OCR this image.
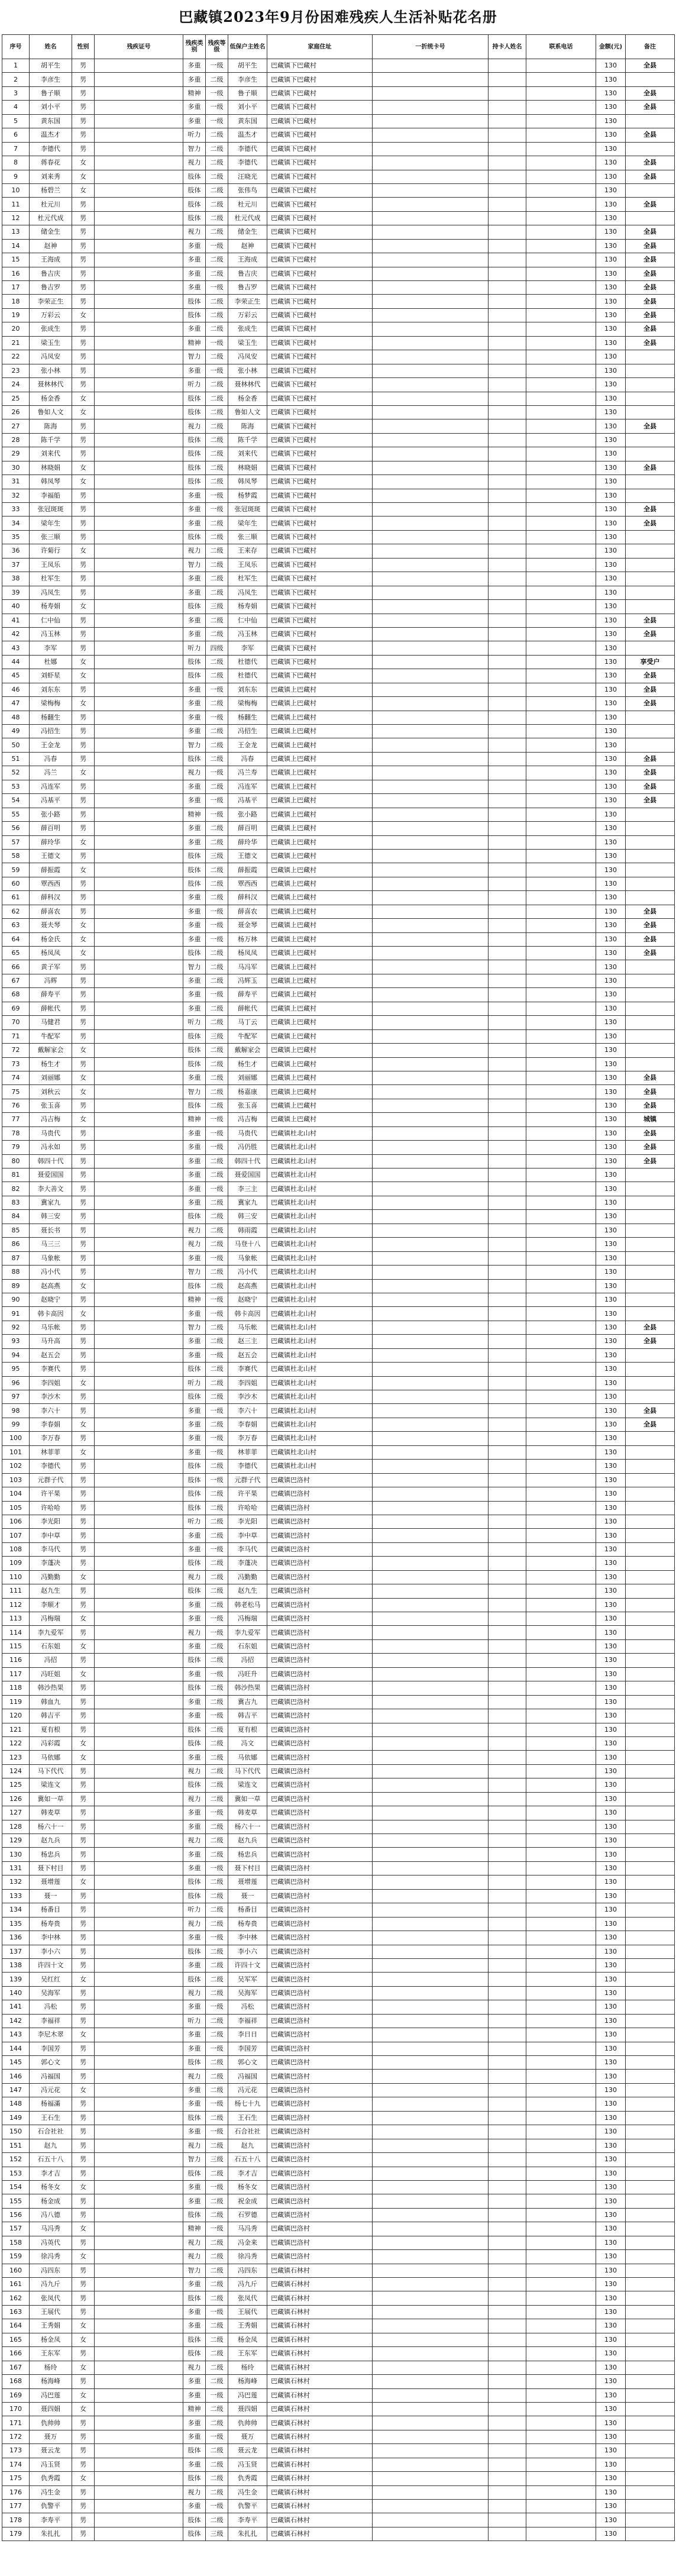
巴藏镇2023年9月份困难残疾人生活补贴花名册
序号	姓名	性别	残疾证号	残疾类别	残疾等级	低保户主姓名	家庭住址	一折统卡号	持卡人姓名	联系电话	金额(元)	备注
1	胡平生	男		多重	一级	胡平生	巴藏镇下巴藏村				130	全县
2	李彦生	男		多重	二级	李彦生	巴藏镇下巴藏村				130	
3	鲁子顺	男		精神	一级	鲁子顺	巴藏镇下巴藏村				130	全县
4	刘小平	男		多重	一级	刘小平	巴藏镇下巴藏村				130	全县
5	黄东国	男		多重	一级	黄东国	巴藏镇下巴藏村				130	
6	温杰才	男		听力	二级	温杰才	巴藏镇下巴藏村				130	全县
7	李德代	男		智力	二级	李德代	巴藏镇下巴藏村				130	
8	蒋春花	女		视力	二级	李德代	巴藏镇下巴藏村				130	全县
9	刘来秀	女		肢体	二级	汪晓光	巴藏镇下巴藏村				130	全县
10	杨碧兰	女		肢体	二级	张伟鸟	巴藏镇下巴藏村				130	
11	杜元川	男		肢体	二级	杜元川	巴藏镇下巴藏村				130	全县
12	杜元代成	男		肢体	二级	杜元代成	巴藏镇下巴藏村				130	
13	储金生	男		视力	二级	储金生	巴藏镇下巴藏村				130	全县
14	赵神	男		多重	一级	赵神	巴藏镇下巴藏村				130	全县
15	王海成	男		多重	二级	王海成	巴藏镇下巴藏村				130	全县
16	鲁吉庆	男		多重	二级	鲁吉庆	巴藏镇下巴藏村				130	全县
17	鲁吉罗	男		多重	一级	鲁吉罗	巴藏镇下巴藏村				130	全县
18	李荣正生	男		肢体	二级	李荣正生	巴藏镇下巴藏村				130	全县
19	万彩云	女		肢体	二级	万彩云	巴藏镇下巴藏村				130	全县
20	张成生	男		多重	二级	张成生	巴藏镇下巴藏村				130	全县
21	梁玉生	男		精神	一级	梁玉生	巴藏镇下巴藏村				130	全县
22	冯凤安	男		智力	二级	冯凤安	巴藏镇下巴藏村				130	
23	张小林	男		多重	一级	张小林	巴藏镇下巴藏村				130	
24	聂林林代	男		听力	二级	聂林林代	巴藏镇下巴藏村				130	
25	杨金香	女		肢体	二级	杨金香	巴藏镇下巴藏村				130	
26	鲁如人文	女		肢体	二级	鲁如人文	巴藏镇下巴藏村				130	
27	陈海	男		视力	二级	陈海	巴藏镇下巴藏村				130	全县
28	陈千学	男		肢体	二级	陈千学	巴藏镇下巴藏村				130	
29	刘来代	男		肢体	二级	刘来代	巴藏镇下巴藏村				130	
30	林晓娟	女		肢体	二级	林晓娟	巴藏镇下巴藏村				130	全县
31	韩凤琴	女		肢体	二级	韩凤琴	巴藏镇下巴藏村				130	
32	李福船	男		多重	一级	杨梦霞	巴藏镇下巴藏村				130	
33	张冠斑斑	男		多重	一级	张冠斑斑	巴藏镇下巴藏村				130	全县
34	梁年生	男		多重	二级	梁年生	巴藏镇下巴藏村				130	全县
35	张三顺	男		肢体	二级	张三顺	巴藏镇下巴藏村				130	
36	许菊行	女		视力	二级	王来存	巴藏镇下巴藏村				130	
37	王凤乐	男		智力	二级	王凤乐	巴藏镇下巴藏村				130	
38	杜军生	男		多重	二级	杜军生	巴藏镇下巴藏村				130	
39	冯凤生	男		多重	二级	冯凤生	巴藏镇下巴藏村				130	
40	杨寿娟	女		肢体	三级	杨寿娟	巴藏镇下巴藏村				130	
41	仁中仙	男		多重	二级	仁中仙	巴藏镇下巴藏村				130	全县
42	冯玉林	男		多重	二级	冯玉林	巴藏镇下巴藏村				130	全县
43	李军	男		听力	四级	李军	巴藏镇下巴藏村				130	
44	杜娜	女		肢体	二级	杜德代	巴藏镇下巴藏村				130	享受户
45	刘虾星	女		肢体	二级	杜德代	巴藏镇下巴藏村				130	全县
46	刘东东	男		多重	一级	刘东东	巴藏镇上巴藏村				130	全县
47	梁梅梅	女		多重	二级	梁梅梅	巴藏镇上巴藏村				130	全县
48	杨翻生	男		多重	一级	杨翻生	巴藏镇上巴藏村				130	
49	冯招生	男		多重	二级	冯招生	巴藏镇上巴藏村				130	
50	王金龙	男		智力	二级	王金龙	巴藏镇上巴藏村				130	
51	冯春	男		肢体	二级	冯春	巴藏镇上巴藏村				130	全县
52	冯兰	女		视力	一级	冯兰寿	巴藏镇上巴藏村				130	全县
53	冯连军	男		多重	二级	冯连军	巴藏镇上巴藏村				130	全县
54	冯基平	男		多重	一级	冯基平	巴藏镇上巴藏村				130	全县
55	张小路	男		精神	一级	张小路	巴藏镇上巴藏村				130	
56	薛百明	男		多重	二级	薛百明	巴藏镇上巴藏村				130	
57	薛玲华	女		多重	二级	薛玲华	巴藏镇上巴藏村				130	
58	王德文	男		肢体	三级	王德文	巴藏镇上巴藏村				130	
59	薛振霞	女		肢体	二级	薛振霞	巴藏镇上巴藏村				130	
60	覃西西	男		肢体	二级	覃西西	巴藏镇上巴藏村				130	
61	薛科汉	男		多重	二级	薛科汉	巴藏镇上巴藏村				130	
62	薛喜农	男		多重	一级	薛喜农	巴藏镇上巴藏村				130	全县
63	聂夫琴	女		多重	一级	聂金琴	巴藏镇上巴藏村				130	全县
64	杨金氏	女		多重	一级	杨万林	巴藏镇上巴藏村				130	全县
65	杨凤凤	女		肢体	二级	杨凤凤	巴藏镇上巴藏村				130	全县
66	黄子军	男		智力	二级	马冯军	巴藏镇上巴藏村				130	
67	冯辉	男		多重	二级	冯辉玉	巴藏镇上巴藏村				130	
68	薛寿平	男		多重	一级	薛寿平	巴藏镇上巴藏村				130	
69	薛帐代	男		多重	二级	薛帐代	巴藏镇上巴藏村				130	
70	马健君	男		听力	二级	马丁云	巴藏镇上巴藏村				130	
71	牛配军	男		肢体	三级	牛配军	巴藏镇上巴藏村				130	
72	戴解家会	女		肢体	二级	戴解家会	巴藏镇上巴藏村				130	
73	杨生才	男		肢体	二级	杨生才	巴藏镇上巴藏村				130	
74	刘丽娜	女		多重	二级	刘丽娜	巴藏镇上巴藏村				130	全县
75	刘秋云	女		智力	二级	杨嘉康	巴藏镇上巴藏村				130	全县
76	张玉喜	男		肢体	二级	张玉喜	巴藏镇上巴藏村				130	全县
77	冯吉梅	女		精神	一级	冯吉梅	巴藏镇上巴藏村				130	城镇
78	马贵代	男		多重	一级	马贵代	巴藏镇杜北山村				130	全县
79	冯永如	男		多重	一级	冯仍胜	巴藏镇杜北山村				130	全县
80	韩四十代	男		多重	二级	韩四十代	巴藏镇杜北山村				130	全县
81	聂爱国国	男		多重	二级	聂爱国国	巴藏镇杜北山村				130	
82	李大善文	男		多重	一级	李三主	巴藏镇杜北山村				130	
83	冀家九	男		多重	二级	冀家九	巴藏镇杜北山村				130	
84	韩三安	男		肢体	二级	韩三安	巴藏镇杜北山村				130	
85	聂长书	男		视力	二级	韩雨霞	巴藏镇杜北山村				130	
86	马三三	男		视力	二级	马登十八	巴藏镇杜北山村				130	
87	马象帐	男		多重	一级	马象帐	巴藏镇杜北山村				130	
88	冯小代	男		智力	二级	冯小代	巴藏镇杜北山村				130	
89	赵高燕	女		肢体	二级	赵高燕	巴藏镇杜北山村				130	
90	赵晓宁	男		精神	一级	赵晓宁	巴藏镇杜北山村				130	
91	韩卡高因	女		多重	一级	韩卡高因	巴藏镇杜北山村				130	
92	马乐帐	男		智力	二级	马乐帐	巴藏镇杜北山村				130	全县
93	马升高	男		多重	二级	赵三主	巴藏镇杜北山村				130	全县
94	赵五会	男		多重	一级	赵五会	巴藏镇杜北山村				130	
95	李赛代	男		肢体	二级	李赛代	巴藏镇杜北山村				130	
96	李四姐	女		听力	二级	李四姐	巴藏镇杜北山村				130	
97	李沙木	男		肢体	二级	李沙木	巴藏镇杜北山村				130	
98	李六十	男		多重	一级	李六十	巴藏镇杜北山村				130	全县
99	李春娟	女		多重	二级	李春娟	巴藏镇杜北山村				130	全县
100	李万春	男		多重	一级	李万春	巴藏镇杜北山村				130	
101	林菲菲	女		多重	一级	林菲菲	巴藏镇杜北山村				130	
102	李德代	男		肢体	二级	李德代	巴藏镇杜北山村				130	
103	元群子代	男		肢体	一级	元群子代	巴藏镇巴洛村				130	
104	许平果	男		肢体	二级	许平果	巴藏镇巴洛村				130	
105	许哈哈	男		肢体	二级	许哈哈	巴藏镇巴洛村				130	
106	李光阳	男		听力	二级	李光阳	巴藏镇巴洛村				130	
107	李中草	男		多重	二级	李中草	巴藏镇巴洛村				130	
108	李马代	男		多重	一级	李马代	巴藏镇巴洛村				130	
109	李蓬决	男		肢体	二级	李蓬决	巴藏镇巴洛村				130	
110	冯勤勤	女		视力	二级	冯勤勤	巴藏镇巴洛村				130	
111	赵九生	男		肢体	二级	赵九生	巴藏镇巴洛村				130	
112	李顺才	男		多重	二级	韩老松马	巴藏镇巴洛村				130	
113	冯梅瑞	女		多重	一级	冯梅瑞	巴藏镇巴洛村				130	
114	李九爱军	男		视力	一级	李九爱军	巴藏镇巴洛村				130	
115	石东姐	女		多重	二级	石东姐	巴藏镇巴洛村				130	
116	冯招	男		肢体	二级	冯招	巴藏镇巴洛村				130	
117	冯旺姐	女		多重	一级	冯旺升	巴藏镇巴洛村				130	
118	韩沙热果	男		肢体	二级	韩沙热果	巴藏镇巴洛村				130	
119	韩血九	男		多重	二级	冀吉九	巴藏镇巴洛村				130	
120	韩吉平	男		多重	一级	韩吉平	巴藏镇巴洛村				130	
121	夏有根	男		肢体	二级	夏有根	巴藏镇巴洛村				130	
122	冯彩霞	女		肢体	二级	冯文	巴藏镇巴洛村				130	
123	马依娜	女		多重	二级	马依娜	巴藏镇巴洛村				130	
124	马下代代	男		视力	二级	马下代代	巴藏镇巴洛村				130	
125	梁连文	男		肢体	二级	梁连文	巴藏镇巴洛村				130	
126	冀如一草	男		视力	二级	冀如一草	巴藏镇巴洛村				130	
127	韩麦草	男		多重	一级	韩麦草	巴藏镇巴洛村				130	
128	杨六十一	男		多重	二级	杨六十一	巴藏镇巴洛村				130	
129	赵九兵	男		视力	二级	赵九兵	巴藏镇巴洛村				130	
130	杨忠兵	男		多重	二级	杨忠兵	巴藏镇巴洛村				130	
131	聂下村目	男		多重	一级	聂下村目	巴藏镇巴洛村				130	
132	聂增莲	女		肢体	二级	聂增莲	巴藏镇巴洛村				130	
133	聂一	男		肢体	二级	聂一	巴藏镇巴洛村				130	
134	杨番目	男		听力	二级	杨番目	巴藏镇巴洛村				130	
135	杨寿贵	男		视力	二级	杨寿贵	巴藏镇巴洛村				130	
136	李中林	男		多重	一级	李中林	巴藏镇巴洛村				130	
137	李小六	男		肢体	二级	李小六	巴藏镇巴洛村				130	
138	许四十文	男		多重	二级	许四十文	巴藏镇巴洛村				130	
139	吴红红	女		肢体	二级	吴军军	巴藏镇巴洛村				130	
140	吴海军	男		视力	二级	吴海军	巴藏镇巴洛村				130	
141	冯松	男		多重	一级	冯松	巴藏镇巴洛村				130	
142	李福祥	男		听力	二级	李福祥	巴藏镇巴洛村				130	
143	李尼木翠	女		多重	二级	李日日	巴藏镇巴洛村				130	
144	李国芳	男		多重	一级	李国芳	巴藏镇巴洛村				130	
145	郭心文	男		肢体	二级	郭心文	巴藏镇巴洛村				130	
146	冯福国	男		视力	二级	冯福国	巴藏镇巴洛村				130	
147	冯元花	女		多重	二级	冯元花	巴藏镇巴洛村				130	
148	杨福滿	男		多重	一级	杨七十九	巴藏镇巴洛村				130	
149	王石生	男		肢体	二级	王石生	巴藏镇巴洛村				130	
150	石合社社	男		多重	一级	石合社社	巴藏镇巴洛村				130	
151	赵九	男		视力	二级	赵九	巴藏镇巴洛村				130	
152	石五十八	男		智力	三级	石五十八	巴藏镇巴洛村				130	
153	李才吉	男		肢体	二级	李才吉	巴藏镇巴洛村				130	
154	杨冬女	女		多重	一级	杨冬女	巴藏镇巴洛村				130	
155	杨金成	男		多重	二级	祝金成	巴藏镇巴洛村				130	
156	冯八德	男		肢体	二级	石罗德	巴藏镇巴洛村				130	
157	马冯秀	女		精神	一级	马冯秀	巴藏镇巴洛村				130	
158	冯英代	男		视力	二级	冯金来	巴藏镇巴洛村				130	
159	徐冯秀	女		视力	二级	徐冯秀	巴藏镇巴洛村				130	
160	冯四东	男		智力	二级	冯四东	巴藏镇石林村				130	
161	冯九斤	男		多重	二级	冯九斤	巴藏镇石林村				130	
162	张凤代	男		肢体	二级	张凤代	巴藏镇石林村				130	
163	王展代	男		多重	一级	王展代	巴藏镇石林村				130	
164	王秀娟	女		多重	二级	王秀娟	巴藏镇石林村				130	
165	杨金凤	女		肢体	二级	杨金凤	巴藏镇石林村				130	
166	王东军	男		肢体	二级	王东军	巴藏镇石林村				130	
167	杨玲	女		视力	二级	杨玲	巴藏镇石林村				130	
168	杨海峰	男		多重	二级	杨海峰	巴藏镇石林村				130	
169	冯巴莲	女		多重	一级	冯巴莲	巴藏镇石林村				130	
170	聂四娟	女		精神	二级	聂四娟	巴藏镇石林村				130	
171	仇帅帅	男		多重	二级	仇帅帅	巴藏镇石林村				130	
172	聂万	男		多重	一级	聂万	巴藏镇石林村				130	
173	聂云龙	男		肢体	二级	聂云龙	巴藏镇石林村				130	
174	冯玉贤	男		多重	二级	冯玉贤	巴藏镇石林村				130	
175	仇秀霞	女		肢体	二级	仇秀霞	巴藏镇石林村				130	
176	冯生金	男		视力	二级	冯生金	巴藏镇石林村				130	
177	仇警平	男		多重	一级	仇警平	巴藏镇石林村				130	
178	李寿平	男		肢体	二级	李寿平	巴藏镇石林村				130	
179	朱扎扎	男		肢体	三级	朱扎扎	巴藏镇石林村				130	
